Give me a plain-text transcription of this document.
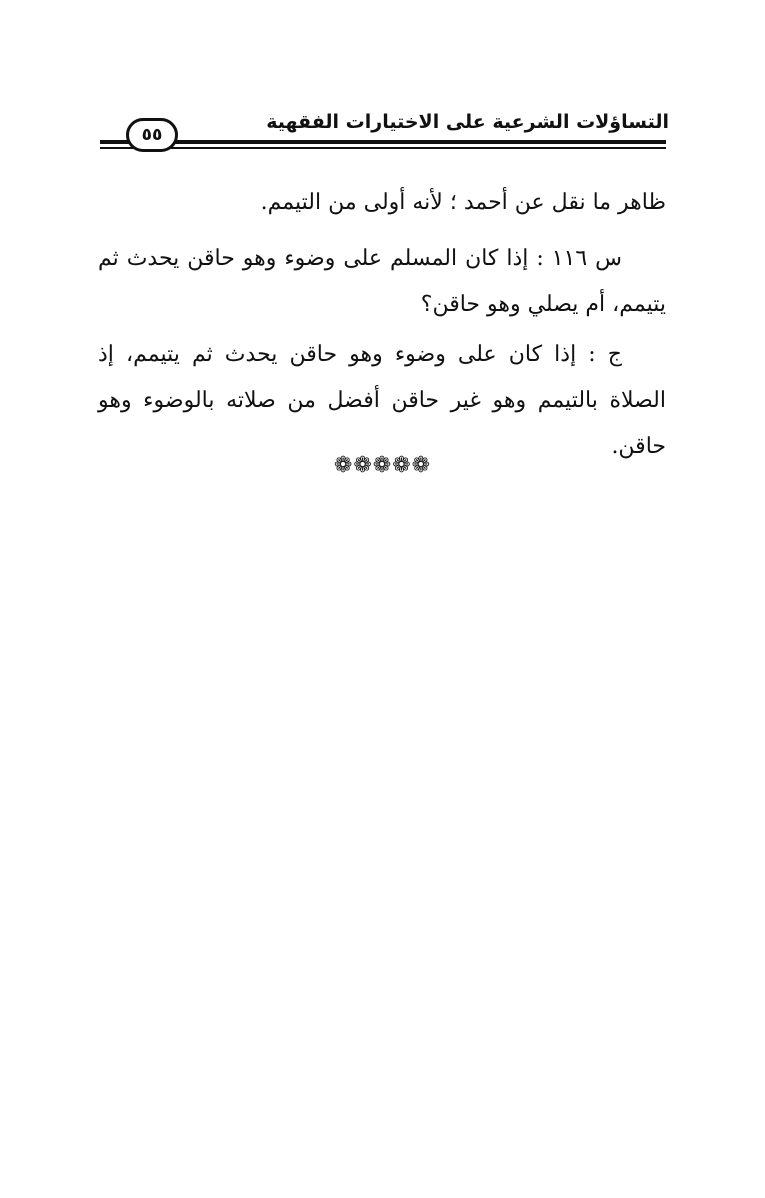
التساؤلات الشرعية على الاختيارات الفقهية
٥٥

ظاهر ما نقل عن أحمد ؛ لأنه أولى من التيمم.

س ١١٦ : إذا كان المسلم على وضوء وهو حاقن يحدث ثم يتيمم، أم يصلي وهو حاقن؟

ج : إذا كان على وضوء وهو حاقن يحدث ثم يتيمم، إذ الصلاة بالتيمم وهو غير حاقن أفضل من صلاته بالوضوء وهو حاقن.

❁❁❁❁❁
